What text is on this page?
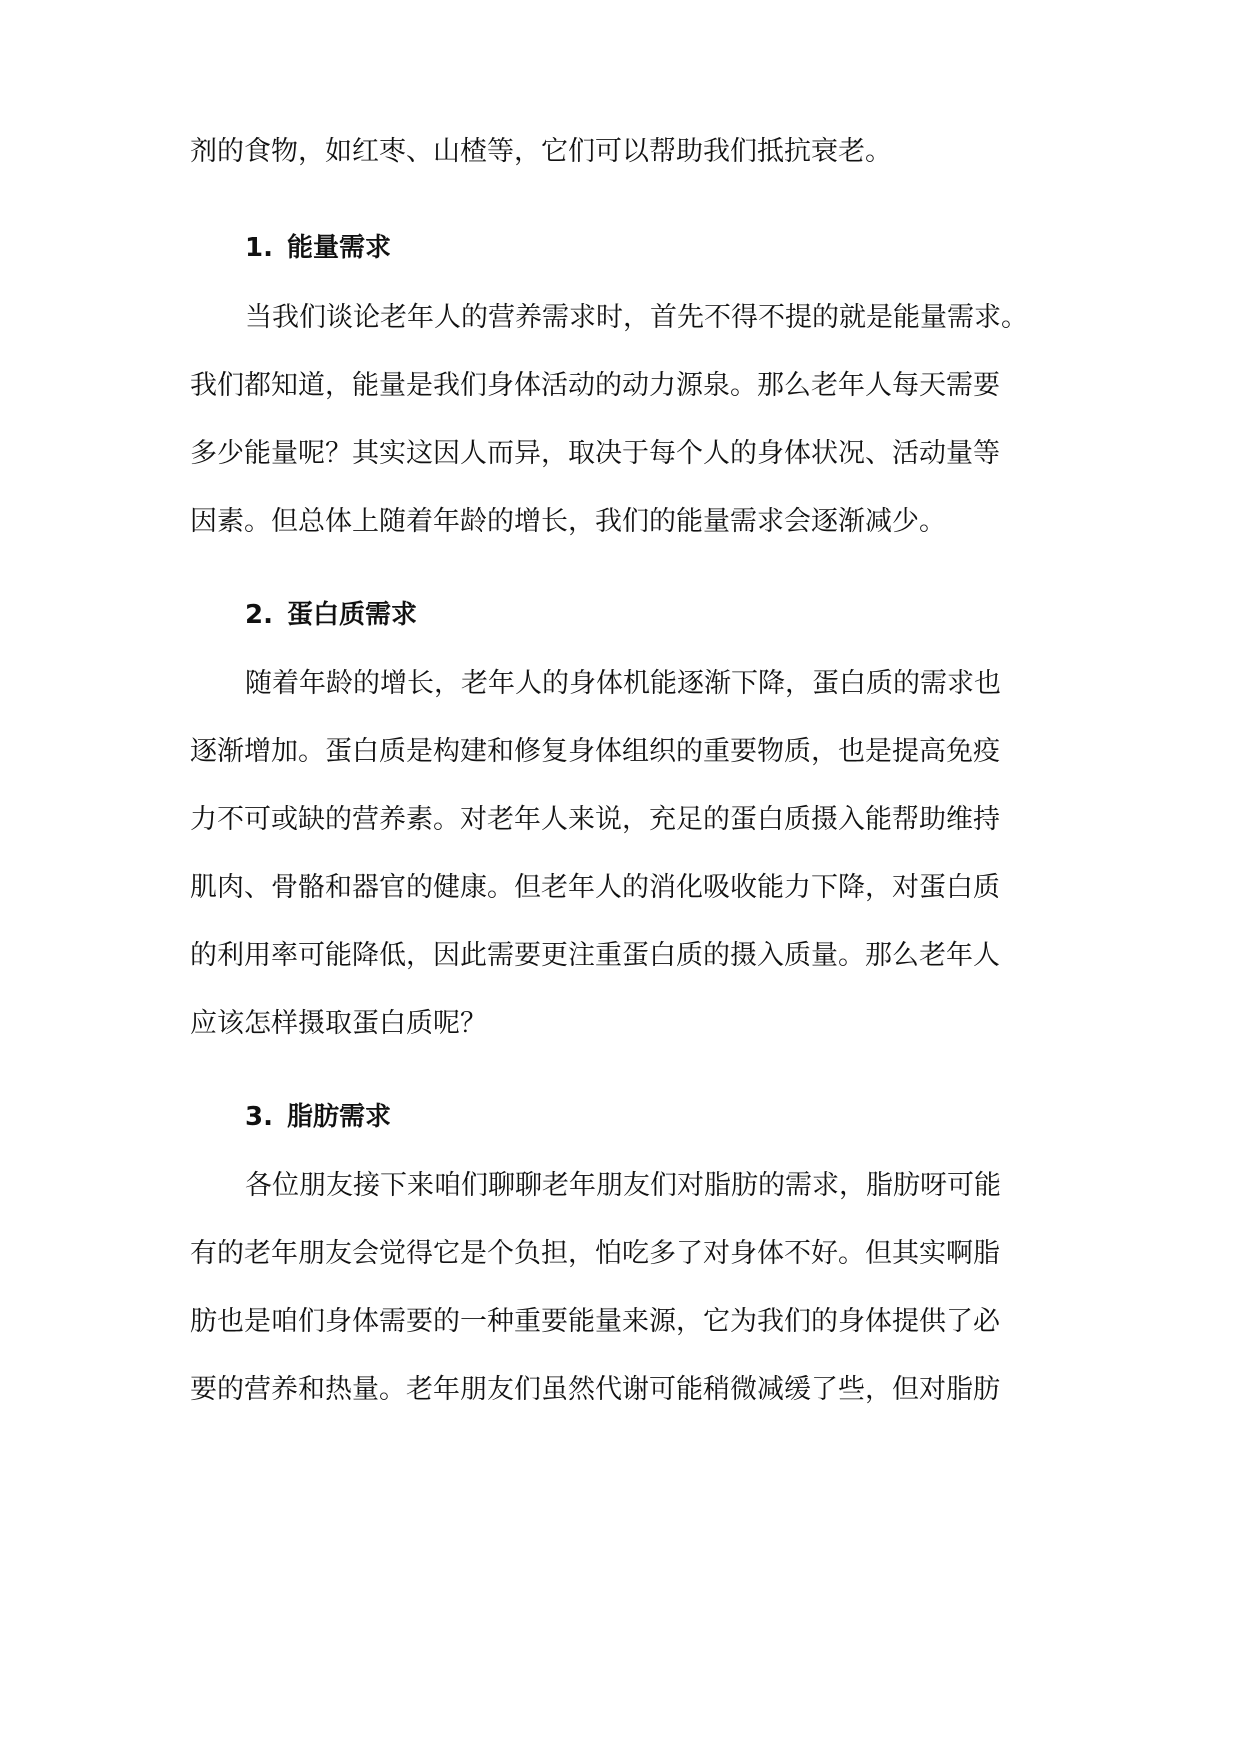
剂的食物，如红枣、山楂等，它们可以帮助我们抵抗衰老。
1. 能量需求
当我们谈论老年人的营养需求时，首先不得不提的就是能量需求。
我们都知道，能量是我们身体活动的动力源泉。那么老年人每天需要
多少能量呢？其实这因人而异，取决于每个人的身体状况、活动量等
因素。但总体上随着年龄的增长，我们的能量需求会逐渐减少。
2. 蛋白质需求
随着年龄的增长，老年人的身体机能逐渐下降，蛋白质的需求也
逐渐增加。蛋白质是构建和修复身体组织的重要物质，也是提高免疫
力不可或缺的营养素。对老年人来说，充足的蛋白质摄入能帮助维持
肌肉、骨骼和器官的健康。但老年人的消化吸收能力下降，对蛋白质
的利用率可能降低，因此需要更注重蛋白质的摄入质量。那么老年人
应该怎样摄取蛋白质呢？
3. 脂肪需求
各位朋友接下来咱们聊聊老年朋友们对脂肪的需求，脂肪呀可能
有的老年朋友会觉得它是个负担，怕吃多了对身体不好。但其实啊脂
肪也是咱们身体需要的一种重要能量来源，它为我们的身体提供了必
要的营养和热量。老年朋友们虽然代谢可能稍微减缓了些，但对脂肪
